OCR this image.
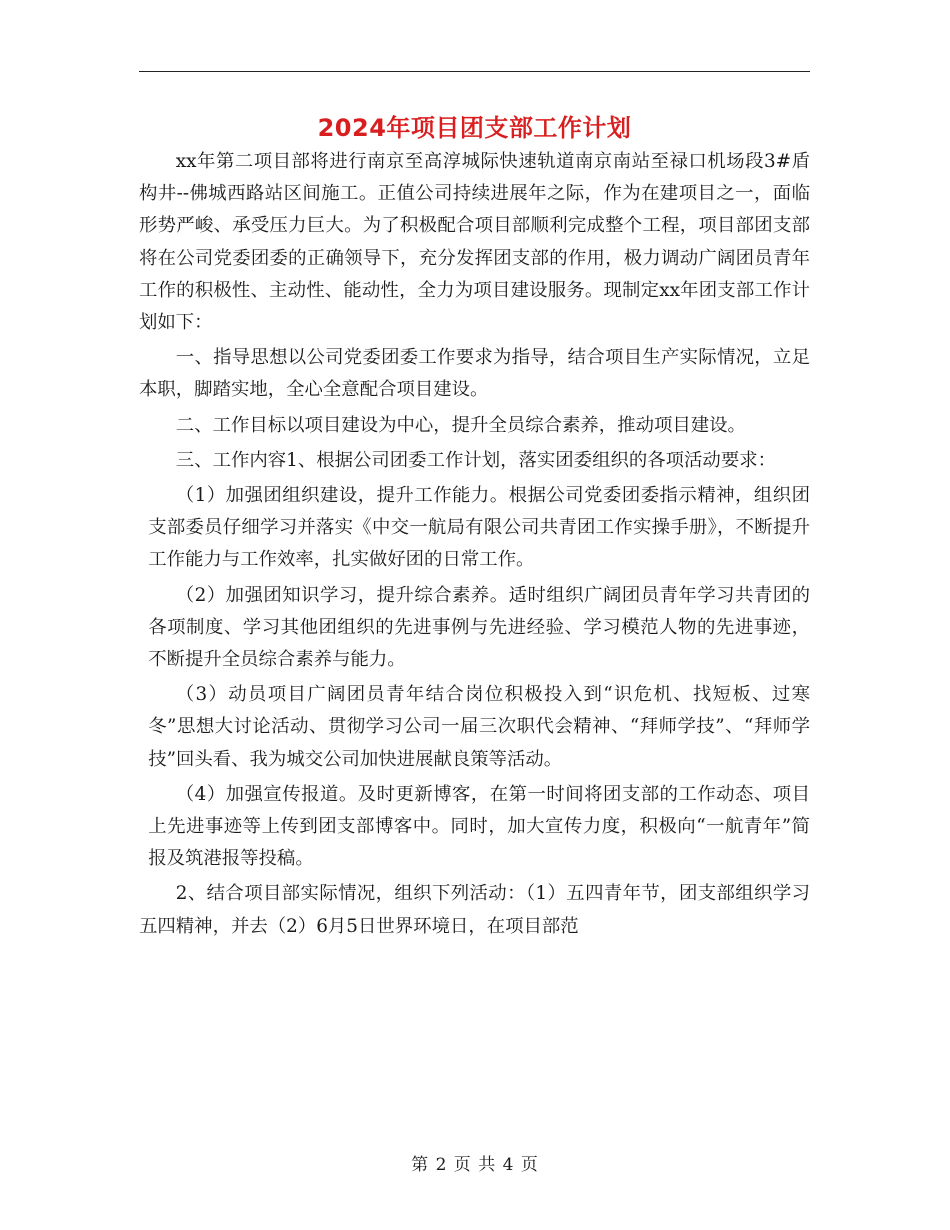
2024年项目团支部工作计划

xx年第二项目部将进行南京至高淳城际快速轨道南京南站至禄口机场段3#盾构井--佛城西路站区间施工。正值公司持续进展年之际，作为在建项目之一，面临形势严峻、承受压力巨大。为了积极配合项目部顺利完成整个工程，项目部团支部将在公司党委团委的正确领导下，充分发挥团支部的作用，极力调动广阔团员青年工作的积极性、主动性、能动性，全力为项目建设服务。现制定xx年团支部工作计划如下：

一、指导思想以公司党委团委工作要求为指导，结合项目生产实际情况，立足本职，脚踏实地，全心全意配合项目建设。

二、工作目标以项目建设为中心，提升全员综合素养，推动项目建设。

三、工作内容1、根据公司团委工作计划，落实团委组织的各项活动要求：

（1）加强团组织建设，提升工作能力。根据公司党委团委指示精神，组织团支部委员仔细学习并落实《中交一航局有限公司共青团工作实操手册》，不断提升工作能力与工作效率，扎实做好团的日常工作。

（2）加强团知识学习，提升综合素养。适时组织广阔团员青年学习共青团的各项制度、学习其他团组织的先进事例与先进经验、学习模范人物的先进事迹，不断提升全员综合素养与能力。

（3）动员项目广阔团员青年结合岗位积极投入到“识危机、找短板、过寒冬”思想大讨论活动、贯彻学习公司一届三次职代会精神、“拜师学技”、“拜师学技”回头看、我为城交公司加快进展献良策等活动。

（4）加强宣传报道。及时更新博客，在第一时间将团支部的工作动态、项目上先进事迹等上传到团支部博客中。同时，加大宣传力度，积极向“一航青年”简报及筑港报等投稿。

2、结合项目部实际情况，组织下列活动：（1）五四青年节，团支部组织学习五四精神，并去（2）6月5日世界环境日，在项目部范

第 2 页 共 4 页
